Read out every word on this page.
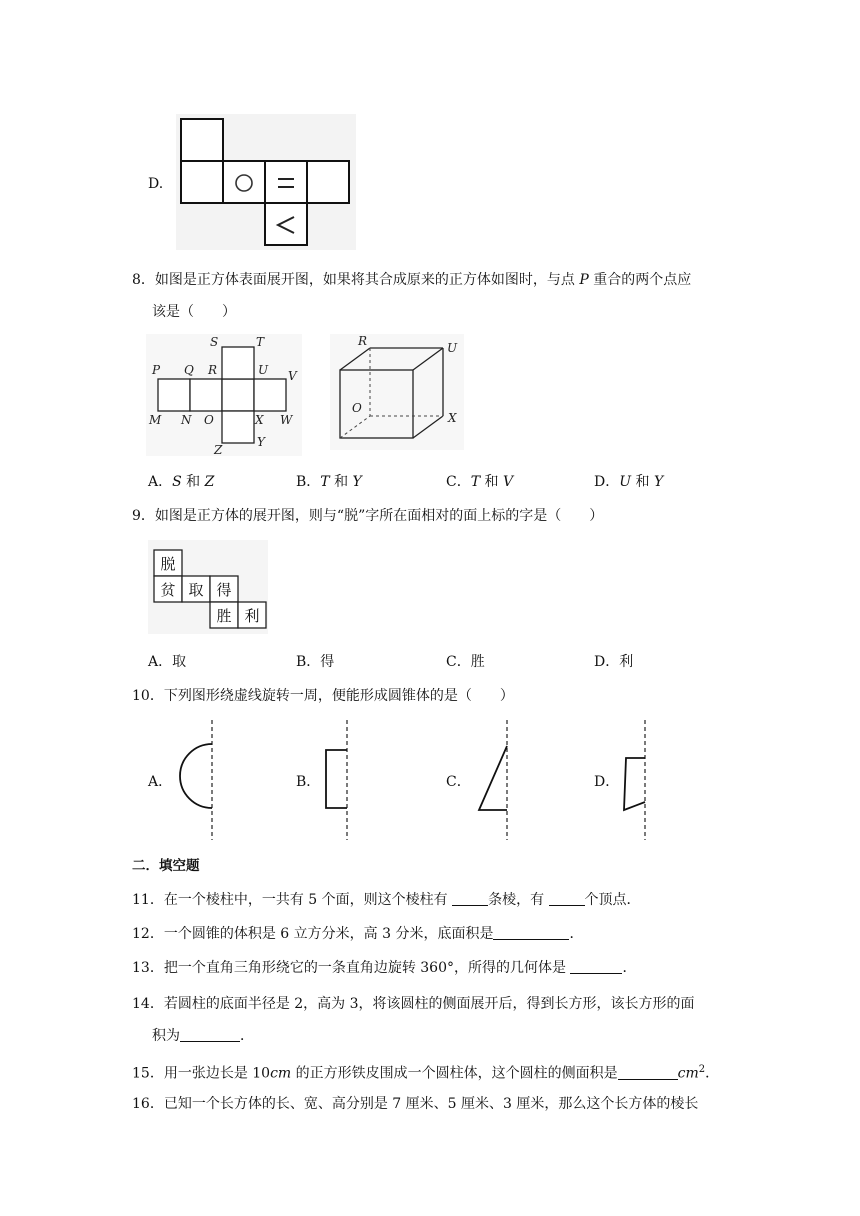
D.
8．如图是正方体表面展开图，如果将其合成原来的正方体如图时，与点 P 重合的两个点应
该是（　　）
S	T
P Q R	U V
M N O	X W
Z
Y
R	U
O
X
A．S 和 Z	B．T 和 Y	C．T 和 V	D．U 和 Y
9．如图是正方体的展开图，则与“脱”字所在面相对的面上标的字是（　　）
脱
贫 取 得
胜 利
A．取	B．得	C．胜	D．利
10．下列图形绕虚线旋转一周，便能形成圆锥体的是（　　）
A．	B．	C．	D．
二．填空题
11．在一个棱柱中，一共有 5 个面，则这个棱柱有	条棱，有	个顶点．
12．一个圆锥的体积是 6 立方分米，高 3 分米，底面积是	．
13．把一个直角三角形绕它的一条直角边旋转 360°，所得的几何体是	．
14．若圆柱的底面半径是 2，高为 3，将该圆柱的侧面展开后，得到长方形，该长方形的面
积为	．
15．用一张边长是 10cm 的正方形铁皮围成一个圆柱体，这个圆柱的侧面积是	$cm^2$．
16．已知一个长方体的长、宽、高分别是 7 厘米、5 厘米、3 厘米，那么这个长方体的棱长
